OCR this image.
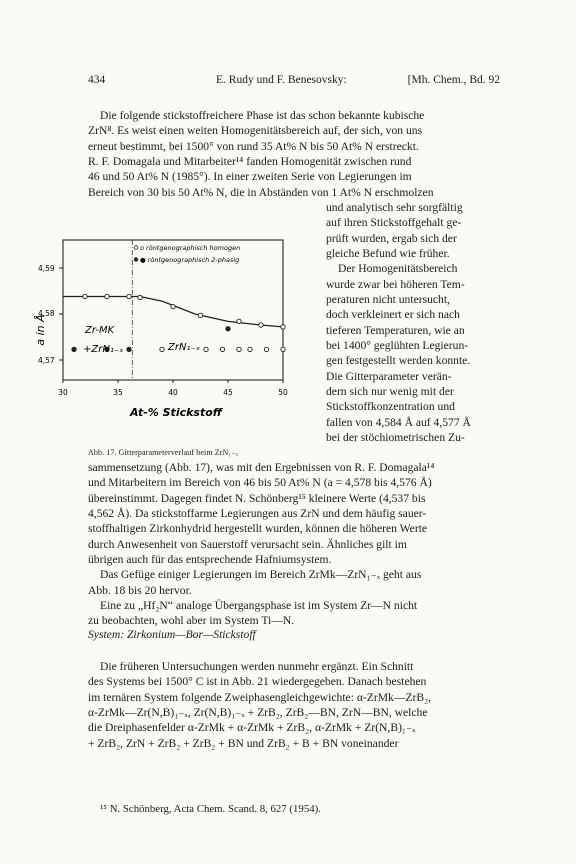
434	E. Rudy und F. Benesovsky:	[Mh. Chem., Bd. 92

Die folgende stickstoffreichere Phase ist das schon bekannte kubische

ZrN⁸. Es weist einen weiten Homogenitätsbereich auf, der sich, von uns

erneut bestimmt, bei 1500° von rund 35 At% N bis 50 At% N erstreckt.

R. F. Domagala und Mitarbeiter¹⁴ fanden Homogenität zwischen rund

46 und 50 At% N (1985°). In einer zweiten Serie von Legierungen im

Bereich von 30 bis 50 At% N, die in Abständen von 1 At% N erschmolzen

und analytisch sehr sorgfältig

auf ihren Stickstoffgehalt ge-

prüft wurden, ergab sich der

gleiche Befund wie früher.

Der Homogenitätsbereich

wurde zwar bei höheren Tem-

peraturen nicht untersucht,

doch verkleinert er sich nach

tieferen Temperaturen, wie an

bei 1400° geglühten Legierun-

gen festgestellt werden konnte.

Die Gitterparameter verän-

dern sich nur wenig mit der

Stickstoffkonzentration und

fallen von 4,584 Å auf 4,577 Å

bei der stöchiometrischen Zu-

o röntgenographisch homogen
● röntgenographisch 2-phasig
a in Å
At-% Stickstoff
Zr-MK
+ZrN₁₋ₓ	ZrN₁₋ₓ
4,59
4,58
4,57
30	35	40	45	50
Abb. 17. Gitterparameterverlauf beim ZrN₁₋ₓ

sammensetzung (Abb. 17), was mit den Ergebnissen von R. F. Domagala¹⁴

und Mitarbeitern im Bereich von 46 bis 50 At% N (a = 4,578 bis 4,576 Å)

übereinstimmt. Dagegen findet N. Schönberg¹⁵ kleinere Werte (4,537 bis

4,562 Å). Da stickstoffarme Legierungen aus ZrN und dem häufig sauer-

stoffhaltigen Zirkonhydrid hergestellt wurden, können die höheren Werte

durch Anwesenheit von Sauerstoff verursacht sein. Ähnliches gilt im

übrigen auch für das entsprechende Hafniumsystem.

Das Gefüge einiger Legierungen im Bereich ZrMk—ZrN₁₋ₓ geht aus

Abb. 18 bis 20 hervor.

Eine zu „Hf₂N“ analoge Übergangsphase ist im System Zr—N nicht

zu beobachten, wohl aber im System Ti—N.

System: Zirkonium—Bor—Stickstoff

Die früheren Untersuchungen werden nunmehr ergänzt. Ein Schnitt

des Systems bei 1500° C ist in Abb. 21 wiedergegeben. Danach bestehen

im ternären System folgende Zweiphasengleichgewichte: α-ZrMk—ZrB₂,

α-ZrMk—Zr(N,B)₁₋ₓ, Zr(N,B)₁₋ₓ + ZrB₂, ZrB₂—BN, ZrN—BN, welche

die Dreiphasenfelder α-ZrMk + α-ZrMk + ZrB₂, α-ZrMk + Zr(N,B)₁₋ₓ

+ ZrB₂, ZrN + ZrB₂ + ZrB₂ + BN und ZrB₂ + B + BN voneinander

¹⁵ N. Schönberg, Acta Chem. Scand. 8, 627 (1954).
